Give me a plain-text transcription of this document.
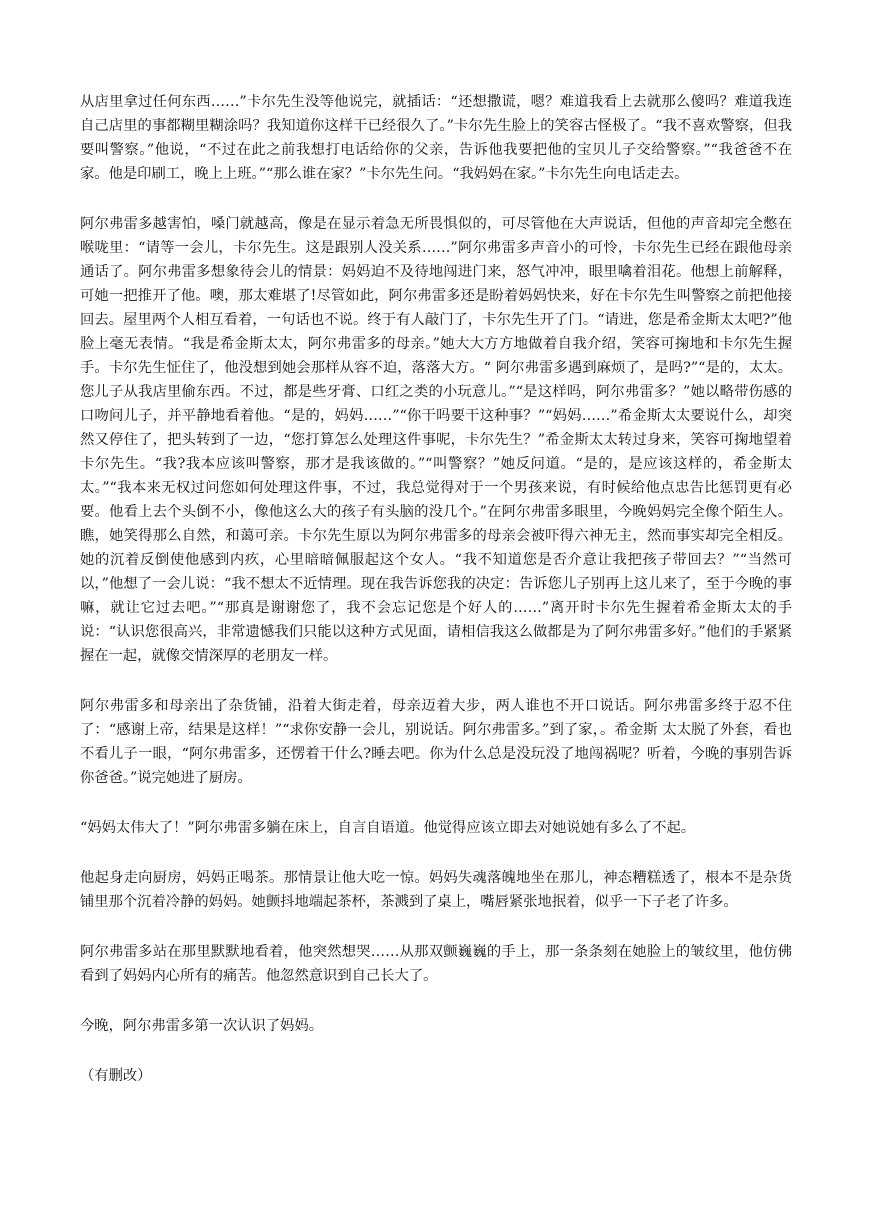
从店里拿过任何东西……”卡尔先生没等他说完，就插话：“还想撒谎，嗯？难道我看上去就那么傻吗？难道我连自己店里的事都糊里糊涂吗？我知道你这样干已经很久了。”卡尔先生脸上的笑容古怪极了。“我不喜欢警察，但我要叫警察。”他说，“不过在此之前我想打电话给你的父亲，告诉他我要把他的宝贝儿子交给警察。”“我爸爸不在家。他是印刷工，晚上上班。”“那么谁在家？”卡尔先生问。“我妈妈在家。”卡尔先生向电话走去。

阿尔弗雷多越害怕，嗓门就越高，像是在显示着急无所畏惧似的，可尽管他在大声说话，但他的声音却完全憋在喉咙里：“请等一会儿，卡尔先生。这是跟别人没关系……”阿尔弗雷多声音小的可怜，卡尔先生已经在跟他母亲通话了。阿尔弗雷多想象待会儿的情景：妈妈迫不及待地闯进门来，怒气冲冲，眼里噙着泪花。他想上前解释，可她一把推开了他。噢，那太难堪了!尽管如此，阿尔弗雷多还是盼着妈妈快来，好在卡尔先生叫警察之前把他接回去。屋里两个人相互看着，一句话也不说。终于有人敲门了，卡尔先生开了门。“请进，您是希金斯太太吧?”他脸上毫无表情。“我是希金斯太太，阿尔弗雷多的母亲。”她大大方方地做着自我介绍，笑容可掬地和卡尔先生握手。卡尔先生怔住了，他没想到她会那样从容不迫，落落大方。“ 阿尔弗雷多遇到麻烦了，是吗?”“是的，太太。您儿子从我店里偷东西。不过，都是些牙膏、口红之类的小玩意儿。”“是这样吗，阿尔弗雷多？”她以略带伤感的口吻问儿子，并平静地看着他。“是的，妈妈……”“你干吗要干这种事？”“妈妈……”希金斯太太要说什么，却突然又停住了，把头转到了一边，“您打算怎么处理这件事呢，卡尔先生？”希金斯太太转过身来，笑容可掬地望着卡尔先生。“我?我本应该叫警察，那才是我该做的。”“叫警察？”她反问道。“是的，是应该这样的，希金斯太太。”“我本来无权过问您如何处理这件事，不过，我总觉得对于一个男孩来说，有时候给他点忠告比惩罚更有必要。他看上去个头倒不小，像他这么大的孩子有头脑的没几个。”在阿尔弗雷多眼里，今晚妈妈完全像个陌生人。瞧，她笑得那么自然，和蔼可亲。卡尔先生原以为阿尔弗雷多的母亲会被吓得六神无主，然而事实却完全相反。她的沉着反倒使他感到内疚，心里暗暗佩服起这个女人。“我不知道您是否介意让我把孩子带回去？”“当然可以，”他想了一会儿说：“我不想太不近情理。现在我告诉您我的决定：告诉您儿子别再上这儿来了，至于今晚的事嘛，就让它过去吧。”“那真是谢谢您了，我不会忘记您是个好人的……”离开时卡尔先生握着希金斯太太的手说：“认识您很高兴，非常遗憾我们只能以这种方式见面，请相信我这么做都是为了阿尔弗雷多好。”他们的手紧紧握在一起，就像交情深厚的老朋友一样。

阿尔弗雷多和母亲出了杂货铺，沿着大街走着，母亲迈着大步，两人谁也不开口说话。阿尔弗雷多终于忍不住了：“感谢上帝，结果是这样！”“求你安静一会儿，别说话。阿尔弗雷多。”到了家，。希金斯 太太脱了外套，看也不看儿子一眼，“阿尔弗雷多，还愣着干什么?睡去吧。你为什么总是没玩没了地闯祸呢？听着，今晚的事别告诉你爸爸。”说完她进了厨房。

“妈妈太伟大了！”阿尔弗雷多躺在床上，自言自语道。他觉得应该立即去对她说她有多么了不起。

他起身走向厨房，妈妈正喝茶。那情景让他大吃一惊。妈妈失魂落魄地坐在那儿，神态糟糕透了，根本不是杂货铺里那个沉着冷静的妈妈。她颤抖地端起茶杯，茶溅到了桌上，嘴唇紧张地抿着，似乎一下子老了许多。

阿尔弗雷多站在那里默默地看着，他突然想哭……从那双颤巍巍的手上，那一条条刻在她脸上的皱纹里，他仿佛看到了妈妈内心所有的痛苦。他忽然意识到自己长大了。

今晚，阿尔弗雷多第一次认识了妈妈。

（有删改）
